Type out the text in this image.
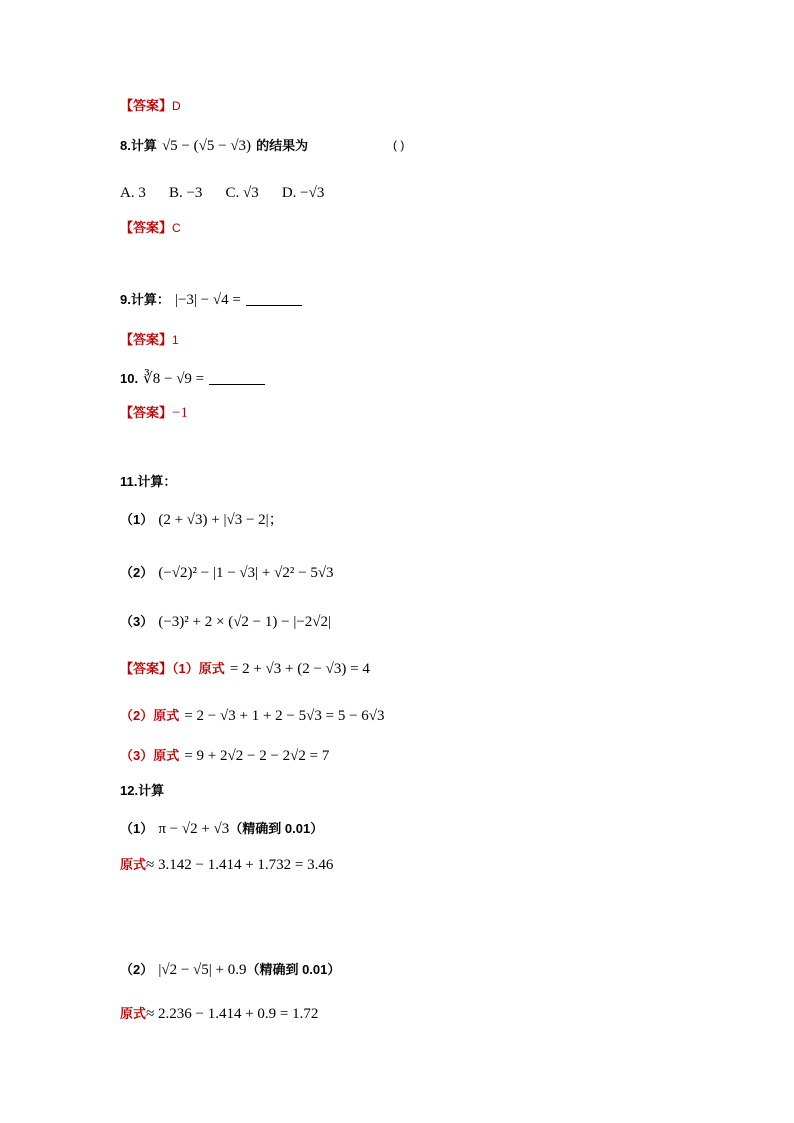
【答案】D
8.计算 √5 − (√5 − √3) 的结果为	( )
A. 3 B. −3 C. √3 D. −√3
【答案】C
9.计算： |−3| − √4 =
【答案】1
10. ∛8 − √9 =
【答案】−1
11.计算：
（1） (2 + √3) + |√3 − 2|；
（2） (−√2)² − |1 − √3| + √2² − 5√3
（3） (−3)² + 2 × (√2 − 1) − |−2√2|
【答案】（1）原式 = 2 + √3 + (2 − √3) = 4
（2）原式 = 2 − √3 + 1 + 2 − 5√3 = 5 − 6√3
（3）原式 = 9 + 2√2 − 2 − 2√2 = 7
12.计算
（1） π − √2 + √3（精确到 0.01）
原式≈ 3.142 − 1.414 + 1.732 = 3.46
（2） |√2 − √5| + 0.9（精确到 0.01）
原式≈ 2.236 − 1.414 + 0.9 = 1.72
